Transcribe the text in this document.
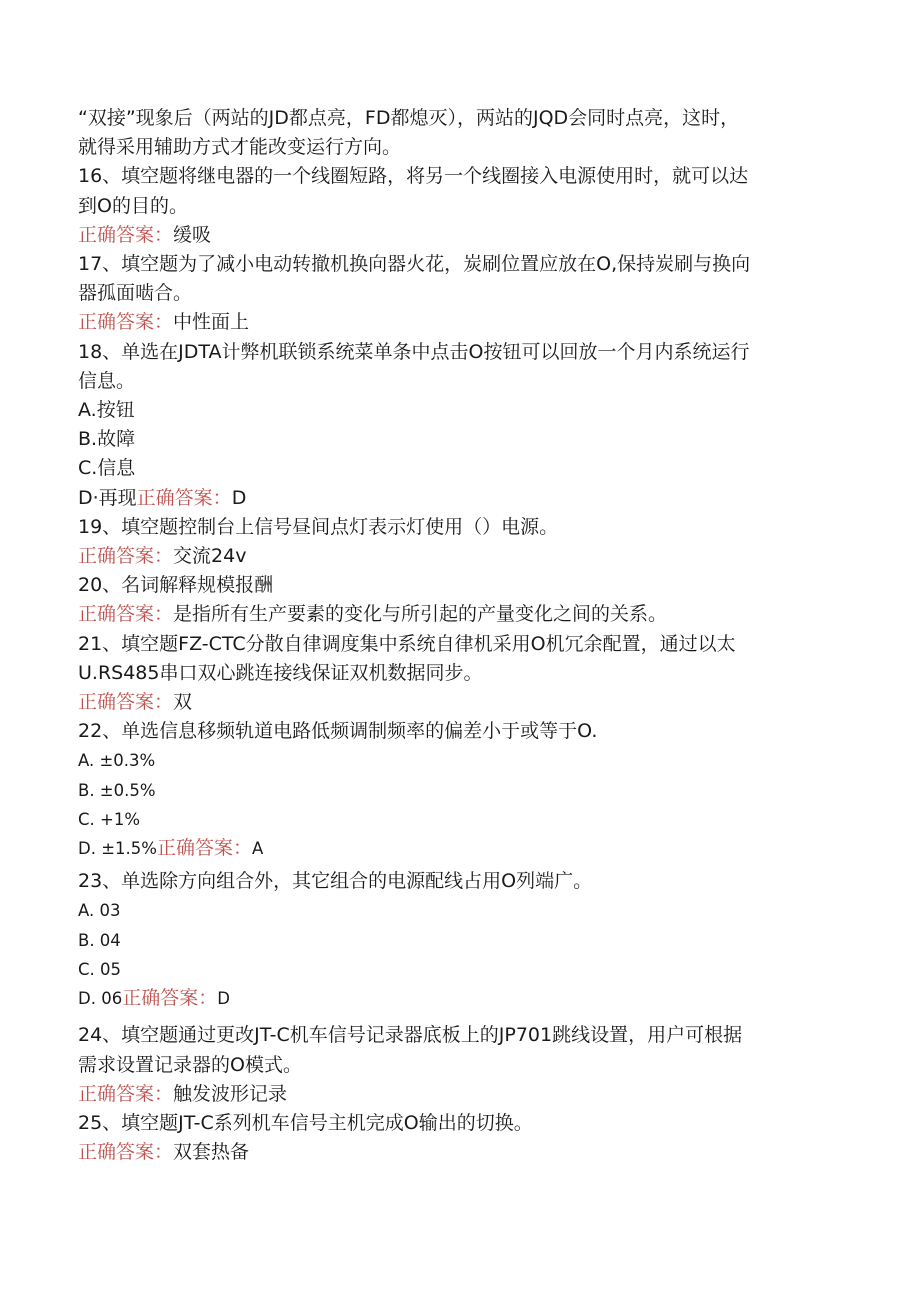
“双接”现象后（两站的JD都点亮，FD都熄灭），两站的JQD会同时点亮，这时，
就得采用辅助方式才能改变运行方向。
16、填空题将继电器的一个线圈短路，将另一个线圈接入电源使用时，就可以达
到O的目的。
正确答案：缓吸
17、填空题为了减小电动转撤机换向器火花，炭刷位置应放在O,保持炭刷与换向
器孤面啮合。
正确答案：中性面上
18、单选在JDTA计弊机联锁系统菜单条中点击O按钮可以回放一个月内系统运行
信息。
A.按钮
B.故障
C.信息
D·再现正确答案：D
19、填空题控制台上信号昼间点灯表示灯使用（）电源。
正确答案：交流24v
20、名词解释规模报酬
正确答案：是指所有生产要素的变化与所引起的产量变化之间的关系。
21、填空题FZ-CTC分散自律调度集中系统自律机采用O机冗余配置，通过以太
U.RS485串口双心跳连接线保证双机数据同步。
正确答案：双
22、单选信息移频轨道电路低频调制频率的偏差小于或等于O.
A. ±0.3%
B. ±0.5%
C. +1%
D. ±1.5%正确答案：A
23、单选除方向组合外，其它组合的电源配线占用O列端广。
A. 03
B. 04
C. 05
D. 06正确答案：D
24、填空题通过更改JT-C机车信号记录器底板上的JP701跳线设置，用户可根据
需求设置记录器的O模式。
正确答案：触发波形记录
25、填空题JT-C系列机车信号主机完成O输出的切换。
正确答案：双套热备
